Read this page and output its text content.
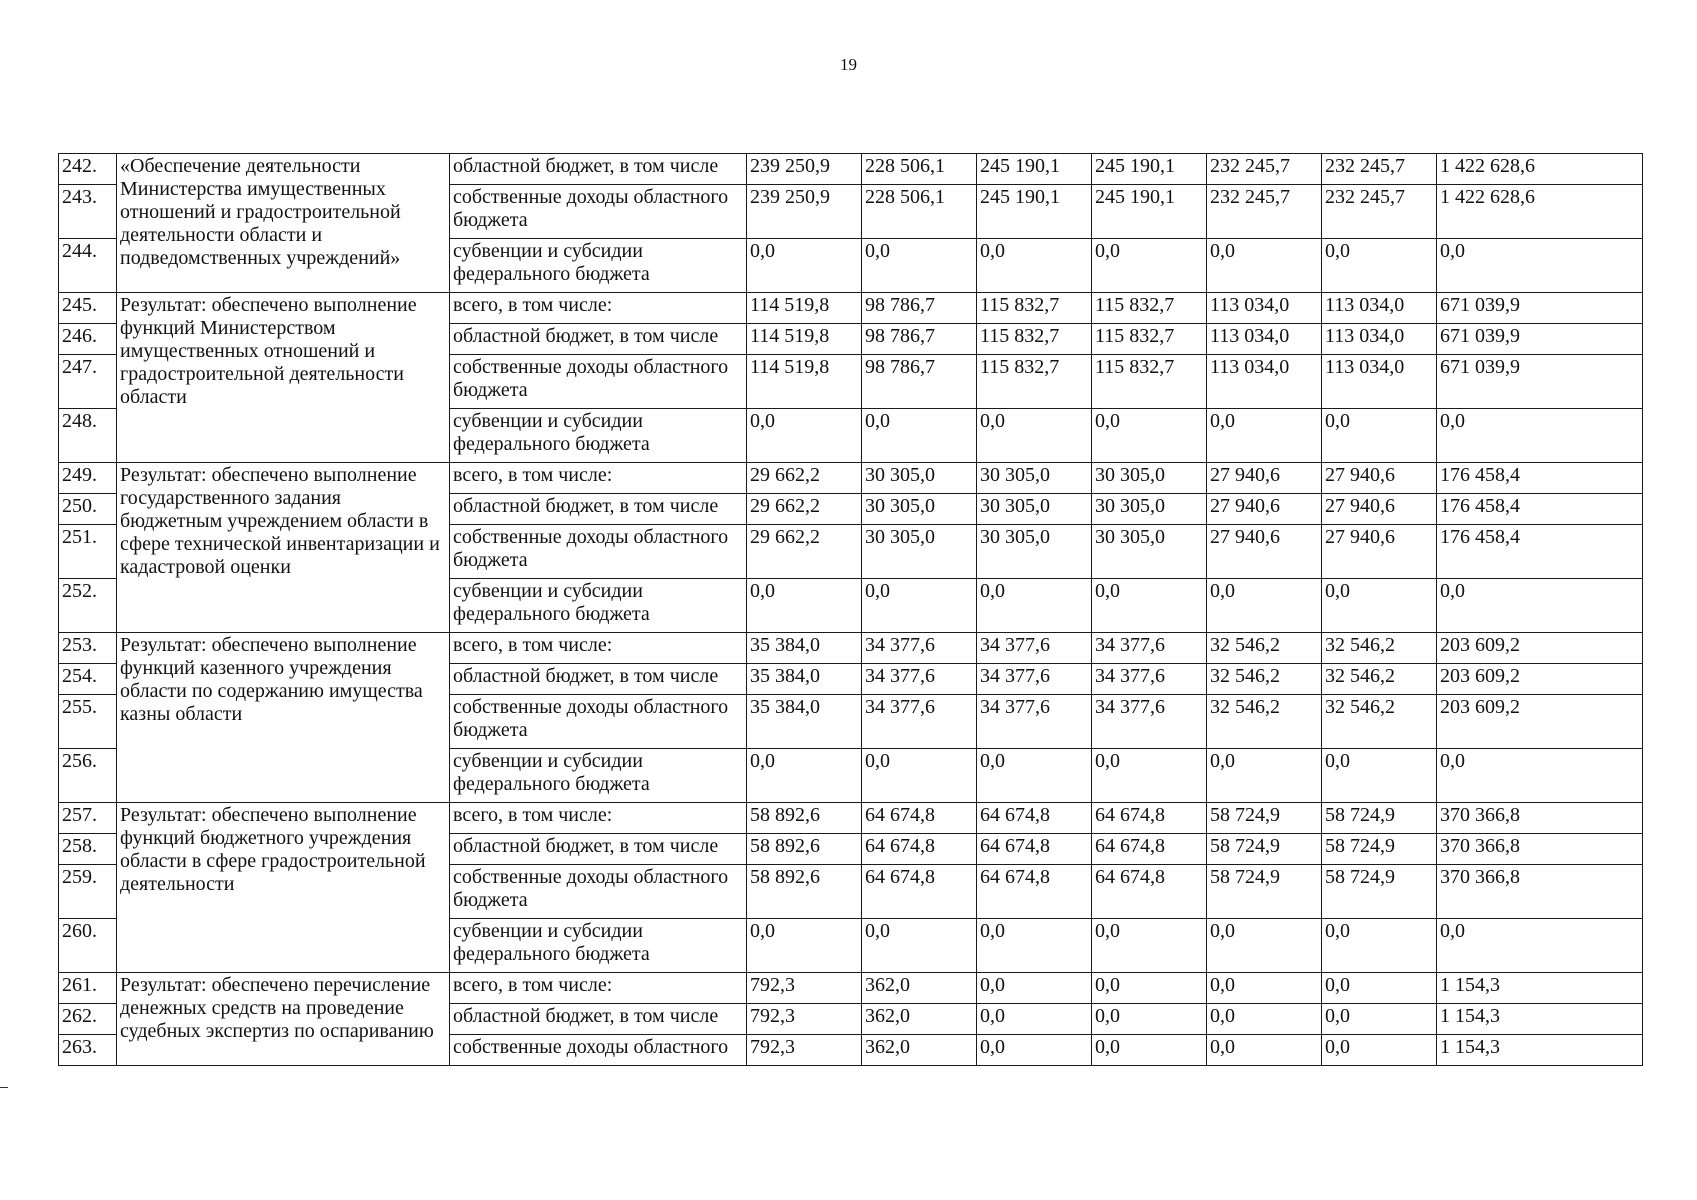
19
242.	«Обеспечение деятельности Министерства имущественных отношений и градостроительной деятельности области и подведомственных учреждений»	областной бюджет, в том числе	239 250,9	228 506,1	245 190,1	245 190,1	232 245,7	232 245,7	1 422 628,6
243.		собственные доходы областного бюджета	239 250,9	228 506,1	245 190,1	245 190,1	232 245,7	232 245,7	1 422 628,6
244.		субвенции и субсидии федерального бюджета	0,0	0,0	0,0	0,0	0,0	0,0	0,0
245.	Результат: обеспечено выполнение функций Министерством имущественных отношений и градостроительной деятельности области	всего, в том числе:	114 519,8	98 786,7	115 832,7	115 832,7	113 034,0	113 034,0	671 039,9
246.		областной бюджет, в том числе	114 519,8	98 786,7	115 832,7	115 832,7	113 034,0	113 034,0	671 039,9
247.		собственные доходы областного бюджета	114 519,8	98 786,7	115 832,7	115 832,7	113 034,0	113 034,0	671 039,9
248.		субвенции и субсидии федерального бюджета	0,0	0,0	0,0	0,0	0,0	0,0	0,0
249.	Результат: обеспечено выполнение государственного задания бюджетным учреждением области в сфере технической инвентаризации и кадастровой оценки	всего, в том числе:	29 662,2	30 305,0	30 305,0	30 305,0	27 940,6	27 940,6	176 458,4
250.		областной бюджет, в том числе	29 662,2	30 305,0	30 305,0	30 305,0	27 940,6	27 940,6	176 458,4
251.		собственные доходы областного бюджета	29 662,2	30 305,0	30 305,0	30 305,0	27 940,6	27 940,6	176 458,4
252.		субвенции и субсидии федерального бюджета	0,0	0,0	0,0	0,0	0,0	0,0	0,0
253.	Результат: обеспечено выполнение функций казенного учреждения области по содержанию имущества казны области	всего, в том числе:	35 384,0	34 377,6	34 377,6	34 377,6	32 546,2	32 546,2	203 609,2
254.		областной бюджет, в том числе	35 384,0	34 377,6	34 377,6	34 377,6	32 546,2	32 546,2	203 609,2
255.		собственные доходы областного бюджета	35 384,0	34 377,6	34 377,6	34 377,6	32 546,2	32 546,2	203 609,2
256.		субвенции и субсидии федерального бюджета	0,0	0,0	0,0	0,0	0,0	0,0	0,0
257.	Результат: обеспечено выполнение функций бюджетного учреждения области в сфере градостроительной деятельности	всего, в том числе:	58 892,6	64 674,8	64 674,8	64 674,8	58 724,9	58 724,9	370 366,8
258.		областной бюджет, в том числе	58 892,6	64 674,8	64 674,8	64 674,8	58 724,9	58 724,9	370 366,8
259.		собственные доходы областного бюджета	58 892,6	64 674,8	64 674,8	64 674,8	58 724,9	58 724,9	370 366,8
260.		субвенции и субсидии федерального бюджета	0,0	0,0	0,0	0,0	0,0	0,0	0,0
261.	Результат: обеспечено перечисление денежных средств на проведение судебных экспертиз по оспариванию	всего, в том числе:	792,3	362,0	0,0	0,0	0,0	0,0	1 154,3
262.		областной бюджет, в том числе	792,3	362,0	0,0	0,0	0,0	0,0	1 154,3
263.		собственные доходы областного	792,3	362,0	0,0	0,0	0,0	0,0	1 154,3
